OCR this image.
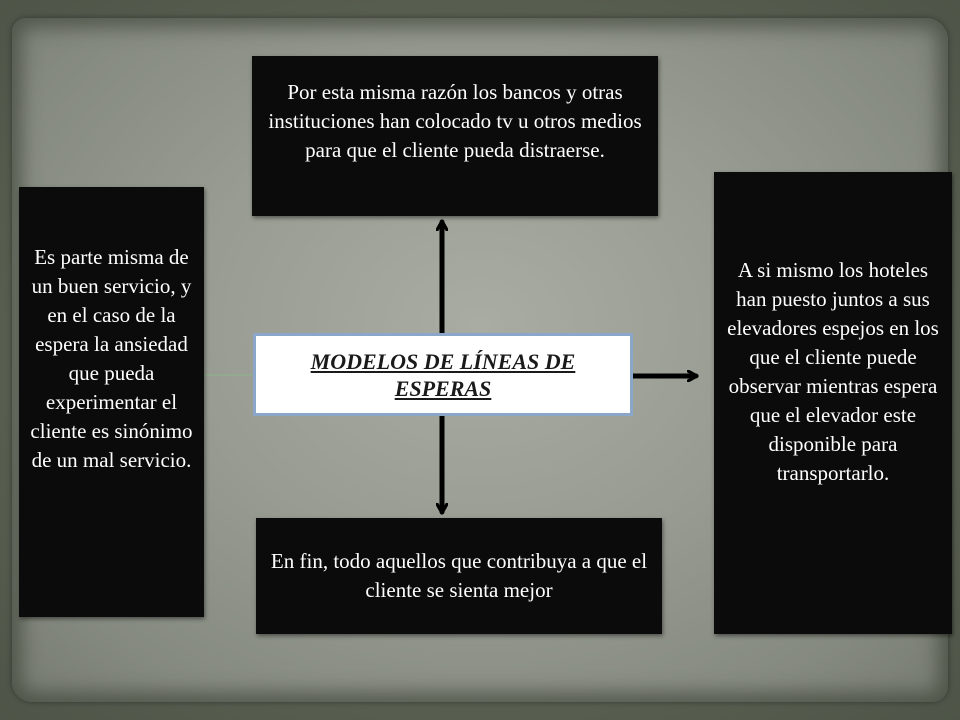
Por esta misma razón los bancos y otras instituciones han colocado tv u otros medios para que el cliente pueda distraerse.
Es parte misma de un buen servicio, y en el caso de la espera la ansiedad que pueda experimentar el cliente es sinónimo de un mal servicio.
A si mismo los hoteles han puesto juntos a sus elevadores espejos en los que el cliente puede observar mientras espera que el elevador este disponible para transportarlo.
En fin, todo aquellos que contribuya a que el cliente se sienta mejor
MODELOS DE LÍNEAS DE ESPERAS
